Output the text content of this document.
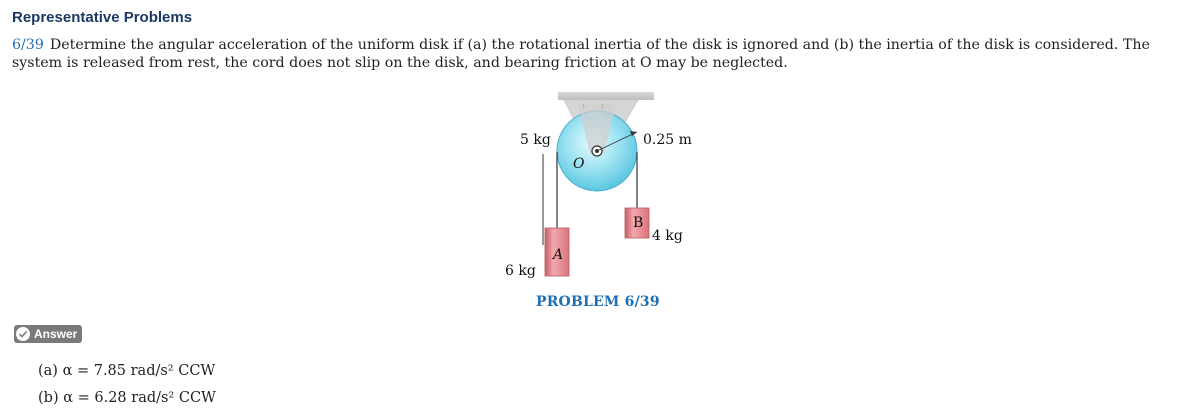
Representative Problems
6/39 Determine the angular acceleration of the uniform disk if (a) the rotational inertia of the disk is ignored and (b) the inertia of the disk is considered. The system is released from rest, the cord does not slip on the disk, and bearing friction at O may be neglected.
5 kg	0.25 m
O
A
6 kg
B
4 kg
PROBLEM 6/39
Answer
(a) α = 7.85 rad/s² CCW
(b) α = 6.28 rad/s² CCW
